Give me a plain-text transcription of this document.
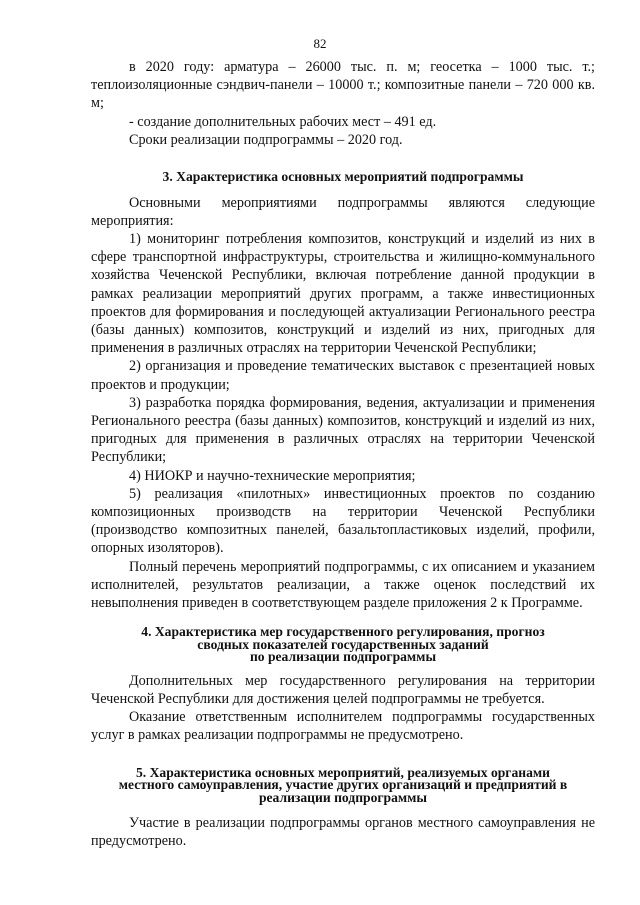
82

в 2020 году: арматура – 26000 тыс. п. м; геосетка – 1000 тыс. т.; теплоизоляционные сэндвич-панели – 10000 т.; композитные панели – 720 000 кв. м;

- создание дополнительных рабочих мест – 491 ед.

Сроки реализации подпрограммы – 2020 год.

3. Характеристика основных мероприятий подпрограммы

Основными мероприятиями подпрограммы являются следующие мероприятия:

1) мониторинг потребления композитов, конструкций и изделий из них в сфере транспортной инфраструктуры, строительства и жилищно-коммунального хозяйства Чеченской Республики, включая потребление данной продукции в рамках реализации мероприятий других программ, а также инвестиционных проектов для формирования и последующей актуализации Регионального реестра (базы данных) композитов, конструкций и изделий из них, пригодных для применения в различных отраслях на территории Чеченской Республики;

2) организация и проведение тематических выставок с презентацией новых проектов и продукции;

3) разработка порядка формирования, ведения, актуализации и применения Регионального реестра (базы данных) композитов, конструкций и изделий из них, пригодных для применения в различных отраслях на территории Чеченской Республики;

4) НИОКР и научно-технические мероприятия;

5) реализация «пилотных» инвестиционных проектов по созданию композиционных производств на территории Чеченской Республики (производство композитных панелей, базальтопластиковых изделий, профили, опорных изоляторов).

Полный перечень мероприятий подпрограммы, с их описанием и указанием исполнителей, результатов реализации, а также оценок последствий их невыполнения приведен в соответствующем разделе приложения 2 к Программе.

4. Характеристика мер государственного регулирования, прогноз
сводных показателей государственных заданий
по реализации подпрограммы

Дополнительных мер государственного регулирования на территории Чеченской Республики для достижения целей подпрограммы не требуется.

Оказание ответственным исполнителем подпрограммы государственных услуг в рамках реализации подпрограммы не предусмотрено.

5. Характеристика основных мероприятий, реализуемых органами
местного самоуправления, участие других организаций и предприятий в
реализации подпрограммы

Участие в реализации подпрограммы органов местного самоуправления не предусмотрено.
